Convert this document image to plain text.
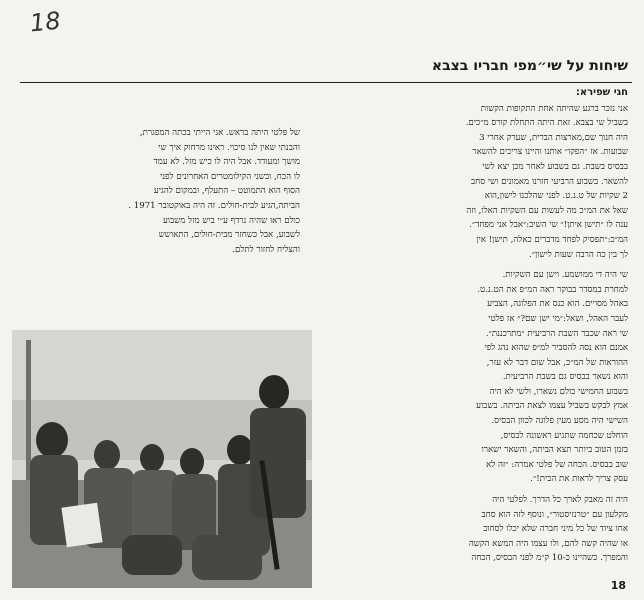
18
שיחות על שי״מפי חבריו בצבא
חגי שפירא:

אני נזכר ברגע שהיתה אחת התקופות הקשות
בשביל שי בצבא. זאת היתה התחלת קורס מ״כים.
היה חנוך שם,מארצות הברית, שערק אחרי 3
שבועות. אז ״הפקו״ אותנו והיינו צריכים להשאר
בבסיס בשבת. גם בשבוע לאחר מכן יצא לשי
להשאר. בשבוע הרביעי חזרנו מאמונים ושי סחב
2 שקיות של ט.נ.ט. לפני שהלכנו לישון,הוא
שאל את המ״כ מה לעשות עם השקיות האלו, וזה
ענה לו ״תישן איתן!״ שי השיב:״אבל אני מפחד״.
המ״כ:״תפסיק לפחד מדברים כאלה, תישן! אין
לך בין כה הרבה שעות לישון״.

שי היה די ממושמע. וישן עם השקיות.
למחרת במסדר בבוקר ראה המ״פ את הט.נ.ט.
באהל מסויים. הוא כנס את הפלוגה, הצביע
לעבר האהל, ושאל:״מי ישן שם?״ אז פלטי
שי ראה שכבר השבת הרביעית ״מתרכננת״.
אמנם הוא נסה להסביר למ״פ שהוא נהג לפי
ההוראות של המ״כ, אבל שום דבר לא עזר,
והוא נשאר בבסיס גם בשבת הרביעית.
בשבוע החמישי כולם נשארו, ולשי לא היה
אמץ לבקש בשביל עצמו לצאת הביתה. בשבוע
השישי היה מסע מעין פלוגה לכוון הבסיס.
הוחלט שכחמה שתגיע ראשונה לבסיס,
בזמן הטוב ביותר תצא הביתה, והשאר ישארו
שוב בבסיס. הכחה של פלטי אמרה: ״זה לא
עסק צריך לראות את הבית!״.

היה זה מאבק לארך כל הדרך. לפלטי היה
מקלעון עם ״טרנזיסטור״, ונוסף לזה הוא סחב
אחו ציוד של כל מיני חברה שלא יכלו לסחוב
או שהיה קשה להם, ולו עצמו היה המשא הקשה
והמפרך. כשהיינו כ-10 ק״מ לפני הבסיס, הכחה

של פלטי היתה בראש. אני הייתי בכתה המפגרת,
והבנתי שאין לנו סיכוי. ראינו מרחוק איך שי
מושך ומעודד. אבל היה לו כיש מזל. לא עמד
לו הכח, ובשני הקילומטרים האחרונים לפני
הסוף הוא התמוטט – התעלף, ובמקום להגיע
הביתה,הגיע לבית-חולים. זה היה באוקטובר 1971 .
כולם ראו שהיה נרדף ע״י ביש מזל משבוע
לשבוע, אבל כשחזר מבית-חולים, התאושש
והצליח לחזור לתלם.
18
